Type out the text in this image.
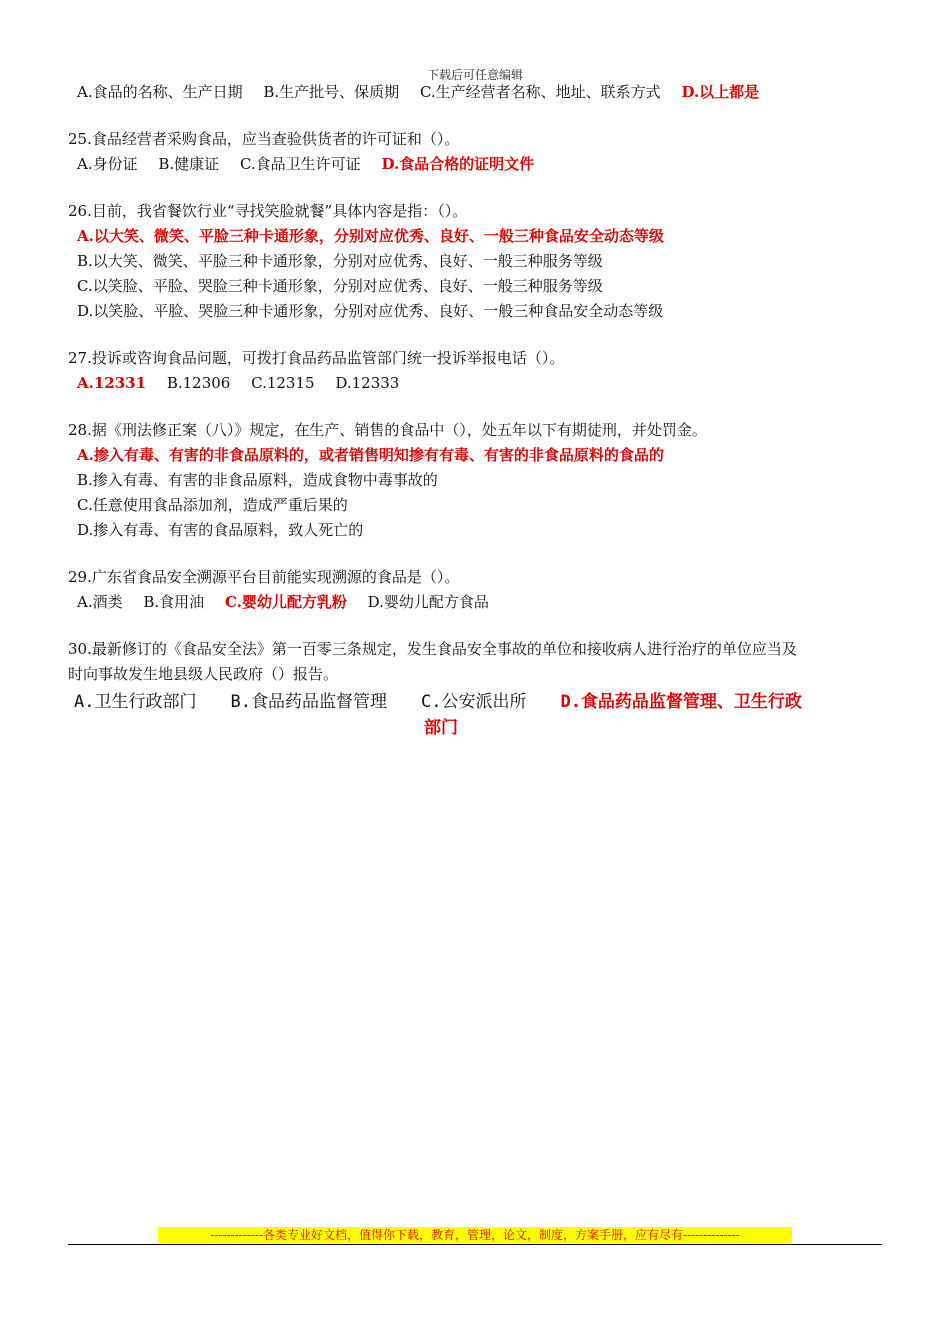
下载后可任意编辑
A.食品的名称、生产日期 B.生产批号、保质期 C.生产经营者名称、地址、联系方式 D.以上都是
25.食品经营者采购食品，应当查验供货者的许可证和（）。
A.身份证 B.健康证 C.食品卫生许可证 D.食品合格的证明文件
26.目前，我省餐饮行业“寻找笑脸就餐”具体内容是指：（）。
A.以大笑、微笑、平脸三种卡通形象，分别对应优秀、良好、一般三种食品安全动态等级
B.以大笑、微笑、平脸三种卡通形象，分别对应优秀、良好、一般三种服务等级
C.以笑脸、平脸、哭脸三种卡通形象，分别对应优秀、良好、一般三种服务等级
D.以笑脸、平脸、哭脸三种卡通形象，分别对应优秀、良好、一般三种食品安全动态等级
27.投诉或咨询食品问题，可拨打食品药品监管部门统一投诉举报电话（）。
A.12331 B.12306 C.12315 D.12333
28.据《刑法修正案（八）》规定，在生产、销售的食品中（），处五年以下有期徒刑，并处罚金。
A.掺入有毒、有害的非食品原料的，或者销售明知掺有有毒、有害的非食品原料的食品的
B.掺入有毒、有害的非食品原料，造成食物中毒事故的
C.任意使用食品添加剂，造成严重后果的
D.掺入有毒、有害的食品原料，致人死亡的
29.广东省食品安全溯源平台目前能实现溯源的食品是（）。
A.酒类 B.食用油 C.婴幼儿配方乳粉 D.婴幼儿配方食品
30.最新修订的《食品安全法》第一百零三条规定，发生食品安全事故的单位和接收病人进行治疗的单位应当及
时向事故发生地县级人民政府（）报告。
A.卫生行政部门 B.食品药品监督管理 C.公安派出所 D.食品药品监督管理、卫生行政
部门
-------------各类专业好文档，值得你下载，教育，管理，论文，制度，方案手册，应有尽有--------------
